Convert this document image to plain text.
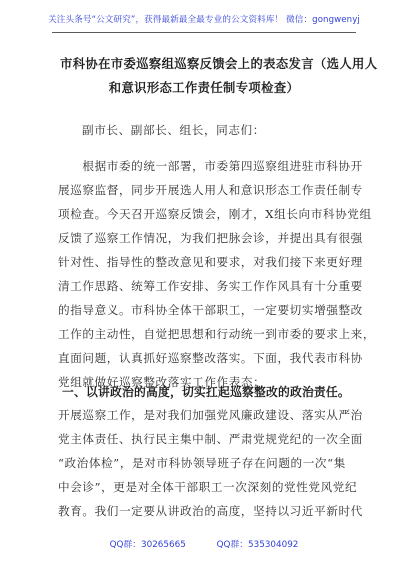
关注头条号“公文研究”，获得最新最全最专业的公文资料库！ 微信：gongwenyj
市科协在市委巡察组巡察反馈会上的表态发言（选人用人
和意识形态工作责任制专项检查）
副市长、副部长、组长，同志们：
　　根据市委的统一部署，市委第四巡察组进驻市科协开
展巡察监督，同步开展选人用人和意识形态工作责任制专
项检查。今天召开巡察反馈会，刚才，X组长向市科协党组
反馈了巡察工作情况，为我们把脉会诊，并提出具有很强
针对性、指导性的整改意见和要求，对我们接下来更好理
清工作思路、统筹工作安排、务实工作作风具有十分重要
的指导意义。市科协全体干部职工，一定要切实增强整改
工作的主动性，自觉把思想和行动统一到市委的要求上来，
直面问题，认真抓好巡察整改落实。下面，我代表市科协
党组就做好巡察整改落实工作作表态：
一、以讲政治的高度，切实扛起巡察整改的政治责任。
开展巡察工作，是对我们加强党风廉政建设、落实从严治
党主体责任、执行民主集中制、严肃党规党纪的一次全面
“政治体检”，是对市科协领导班子存在问题的一次“集
中会诊”，更是对全体干部职工一次深刻的党性党风党纪
教育。我们一定要从讲政治的高度，坚持以习近平新时代
QQ群：30265665	QQ群：535304092
